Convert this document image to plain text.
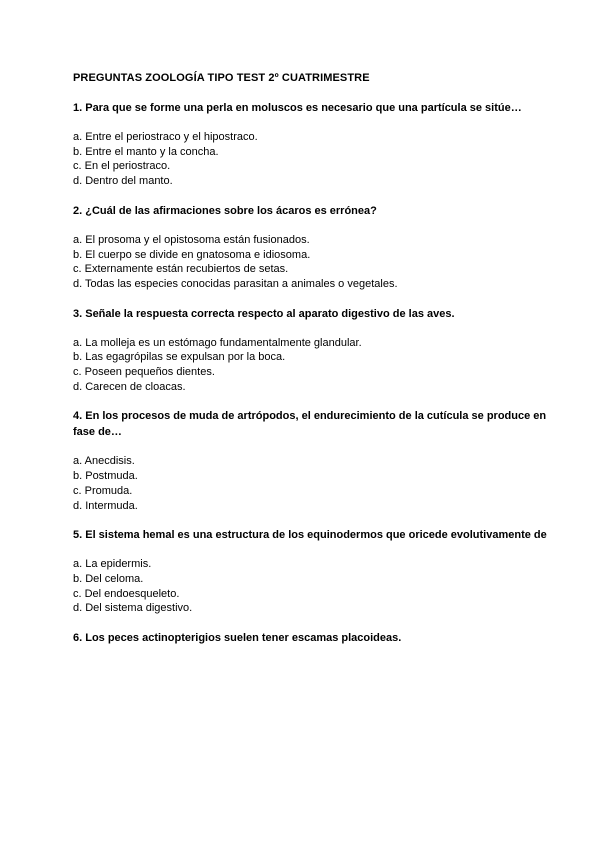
PREGUNTAS ZOOLOGÍA TIPO TEST 2º CUATRIMESTRE
1. Para que se forme una perla en moluscos es necesario que una partícula se sitúe…
a. Entre el periostraco y el hipostraco.
b. Entre el manto y la concha.
c. En el periostraco.
d. Dentro del manto.
2. ¿Cuál de las afirmaciones sobre los ácaros es errónea?
a. El prosoma y el opistosoma están fusionados.
b. El cuerpo se divide en gnatosoma e idiosoma.
c. Externamente están recubiertos de setas.
d. Todas las especies conocidas parasitan a animales o vegetales.
3. Señale la respuesta correcta respecto al aparato digestivo de las aves.
a. La molleja es un estómago fundamentalmente glandular.
b. Las egagrópilas se expulsan por la boca.
c. Poseen pequeños dientes.
d. Carecen de cloacas.
4. En los procesos de muda de artrópodos, el endurecimiento de la cutícula se produce en fase de…
a. Anecdisis.
b. Postmuda.
c. Promuda.
d. Intermuda.
5. El sistema hemal es una estructura de los equinodermos que oricede evolutivamente de
a. La epidermis.
b. Del celoma.
c. Del endoesqueleto.
d. Del sistema digestivo.
6. Los peces actinopterigios suelen tener escamas placoideas.
